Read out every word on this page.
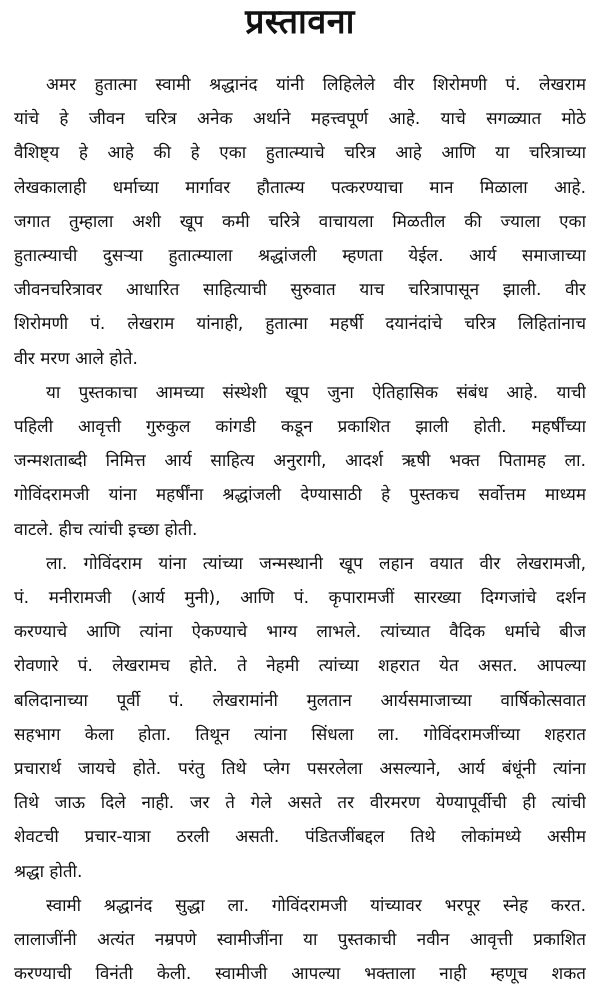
प्रस्तावना
अमर हुतात्मा स्वामी श्रद्धानंद यांनी लिहिलेले वीर शिरोमणी पं. लेखराम
यांचे हे जीवन चरित्र अनेक अर्थाने महत्त्वपूर्ण आहे. याचे सगळ्यात मोठे
वैशिष्ट्य हे आहे की हे एका हुतात्म्याचे चरित्र आहे आणि या चरित्राच्या
लेखकालाही धर्माच्या मार्गावर हौतात्म्य पत्करण्याचा मान मिळाला आहे.
जगात तुम्हाला अशी खूप कमी चरित्रे वाचायला मिळतील की ज्याला एका
हुतात्म्याची दुसऱ्या हुतात्म्याला श्रद्धांजली म्हणता येईल. आर्य समाजाच्या
जीवनचरित्रावर आधारित साहित्याची सुरुवात याच चरित्रापासून झाली. वीर
शिरोमणी पं. लेखराम यांनाही, हुतात्मा महर्षी दयानंदांचे चरित्र लिहितांनाच
वीर मरण आले होते.
या पुस्तकाचा आमच्या संस्थेशी खूप जुना ऐतिहासिक संबंध आहे. याची
पहिली आवृत्ती गुरुकुल कांगडी कडून प्रकाशित झाली होती. महर्षींच्या
जन्मशताब्दी निमित्त आर्य साहित्य अनुरागी, आदर्श ऋषी भक्त पितामह ला.
गोविंदरामजी यांना महर्षींना श्रद्धांजली देण्यासाठी हे पुस्तकच सर्वोत्तम माध्यम
वाटले. हीच त्यांची इच्छा होती.
ला. गोविंदराम यांना त्यांच्या जन्मस्थानी खूप लहान वयात वीर लेखरामजी,
पं. मनीरामजी (आर्य मुनी), आणि पं. कृपारामजीं सारख्या दिग्गजांचे दर्शन
करण्याचे आणि त्यांना ऐकण्याचे भाग्य लाभले. त्यांच्यात वैदिक धर्माचे बीज
रोवणारे पं. लेखरामच होते. ते नेहमी त्यांच्या शहरात येत असत. आपल्या
बलिदानाच्या पूर्वी पं. लेखरामांनी मुलतान आर्यसमाजाच्या वार्षिकोत्सवात
सहभाग केला होता. तिथून त्यांना सिंधला ला. गोविंदरामजींच्या शहरात
प्रचारार्थ जायचे होते. परंतु तिथे प्लेग पसरलेला असल्याने, आर्य बंधूंनी त्यांना
तिथे जाऊ दिले नाही. जर ते गेले असते तर वीरमरण येण्यापूर्वीची ही त्यांची
शेवटची प्रचार-यात्रा ठरली असती. पंडितजींबद्दल तिथे लोकांमध्ये असीम
श्रद्धा होती.
स्वामी श्रद्धानंद सुद्धा ला. गोविंदरामजी यांच्यावर भरपूर स्नेह करत.
लालाजींनी अत्यंत नम्रपणे स्वामीजींना या पुस्तकाची नवीन आवृत्ती प्रकाशित
करण्याची विनंती केली. स्वामीजी आपल्या भक्ताला नाही म्हणूच शकत
